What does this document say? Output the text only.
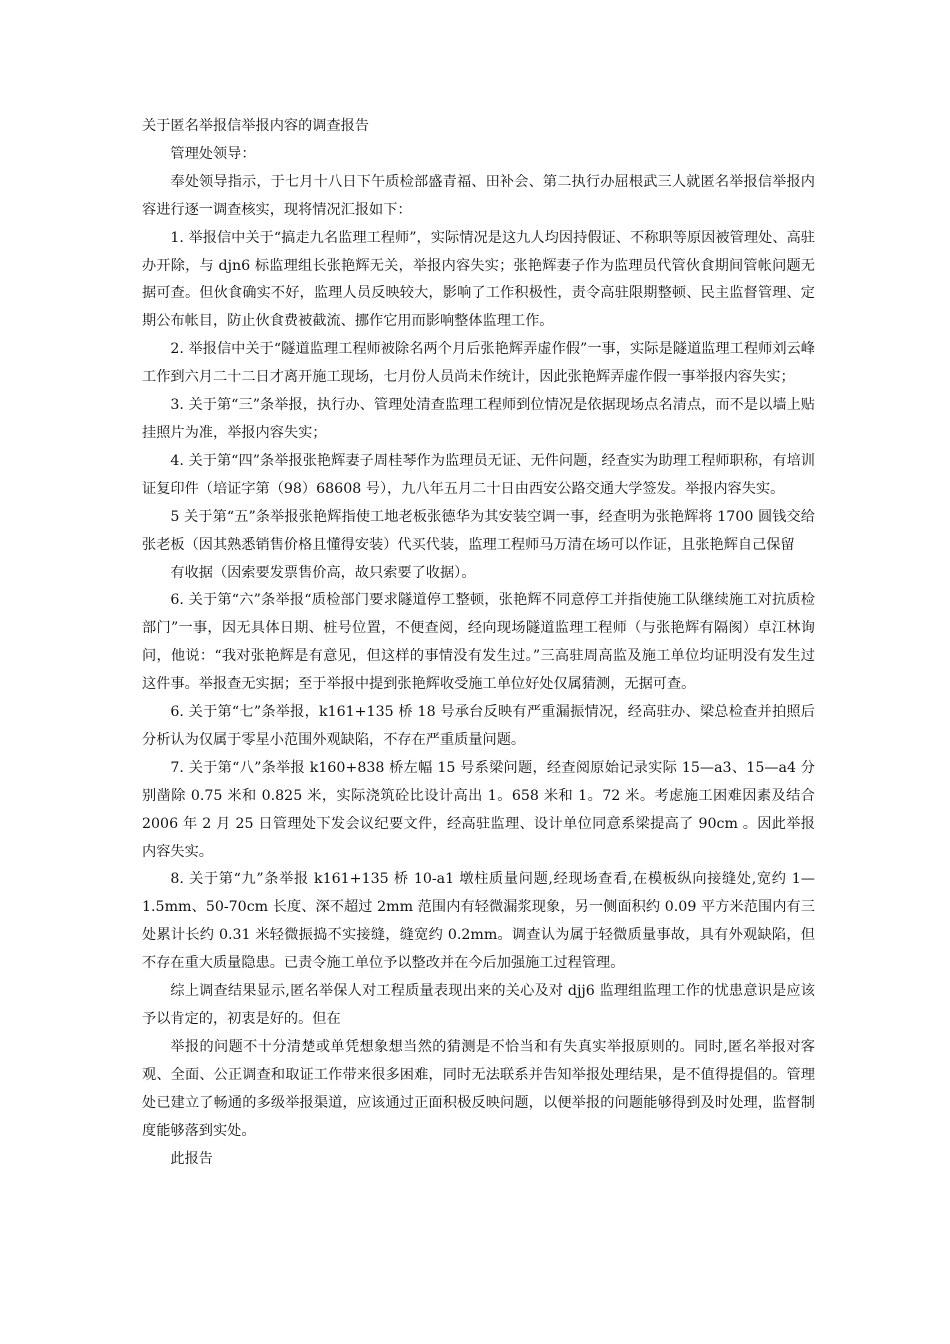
关于匿名举报信举报内容的调查报告

管理处领导：

奉处领导指示，于七月十八日下午质检部盛青福、田补会、第二执行办屈根武三人就匿名举报信举报内容进行逐一调查核实，现将情况汇报如下：

1. 举报信中关于“搞走九名监理工程师”，实际情况是这九人均因持假证、不称职等原因被管理处、高驻办开除，与 djn6 标监理组长张艳辉无关，举报内容失实；张艳辉妻子作为监理员代管伙食期间管帐问题无据可查。但伙食确实不好，监理人员反映较大，影响了工作积极性，责令高驻限期整顿、民主监督管理、定期公布帐目，防止伙食费被截流、挪作它用而影响整体监理工作。

2. 举报信中关于“隧道监理工程师被除名两个月后张艳辉弄虚作假”一事，实际是隧道监理工程师刘云峰工作到六月二十二日才离开施工现场，七月份人员尚未作统计，因此张艳辉弄虚作假一事举报内容失实；

3. 关于第“三”条举报，执行办、管理处清查监理工程师到位情况是依据现场点名清点，而不是以墙上贴挂照片为准，举报内容失实；

4. 关于第“四”条举报张艳辉妻子周桂琴作为监理员无证、无件问题，经查实为助理工程师职称，有培训证复印件（培证字第（98）68608 号），九八年五月二十日由西安公路交通大学签发。举报内容失实。

5 关于第“五”条举报张艳辉指使工地老板张德华为其安装空调一事，经查明为张艳辉将 1700 圆钱交给张老板（因其熟悉销售价格且懂得安装）代买代装，监理工程师马万清在场可以作证，且张艳辉自己保留

有收据（因索要发票售价高，故只索要了收据）。

6. 关于第“六”条举报“质检部门要求隧道停工整顿，张艳辉不同意停工并指使施工队继续施工对抗质检部门”一事，因无具体日期、桩号位置，不便查阅，经向现场隧道监理工程师（与张艳辉有隔阂）卓江林询问，他说：“我对张艳辉是有意见，但这样的事情没有发生过。”三高驻周高监及施工单位均证明没有发生过这件事。举报查无实据；至于举报中提到张艳辉收受施工单位好处仅属猜测，无据可查。

6. 关于第“七”条举报，k161+135 桥 18 号承台反映有严重漏振情况，经高驻办、梁总检查并拍照后分析认为仅属于零星小范围外观缺陷，不存在严重质量问题。

7. 关于第“八”条举报 k160+838 桥左幅 15 号系梁问题，经查阅原始记录实际 15—a3、15—a4 分别凿除 0.75 米和 0.825 米，实际浇筑砼比设计高出 1。658 米和 1。72 米。考虑施工困难因素及结合 2006 年 2 月 25 日管理处下发会议纪要文件，经高驻监理、设计单位同意系梁提高了 90cm 。因此举报内容失实。

8. 关于第“九”条举报 k161+135 桥 10-a1 墩柱质量问题,经现场查看,在模板纵向接缝处,宽约 1—1.5mm、50-70cm 长度、深不超过 2mm 范围内有轻微漏浆现象，另一侧面积约 0.09 平方米范围内有三处累计长约 0.31 米轻微振捣不实接缝，缝宽约 0.2mm。调查认为属于轻微质量事故，具有外观缺陷，但不存在重大质量隐患。已责令施工单位予以整改并在今后加强施工过程管理。

综上调查结果显示,匿名举保人对工程质量表现出来的关心及对 djj6 监理组监理工作的忧患意识是应该予以肯定的，初衷是好的。但在

举报的问题不十分清楚或单凭想象想当然的猜测是不恰当和有失真实举报原则的。同时,匿名举报对客观、全面、公正调查和取证工作带来很多困难，同时无法联系并告知举报处理结果，是不值得提倡的。管理处已建立了畅通的多级举报渠道，应该通过正面积极反映问题，以便举报的问题能够得到及时处理，监督制度能够落到实处。

此报告
